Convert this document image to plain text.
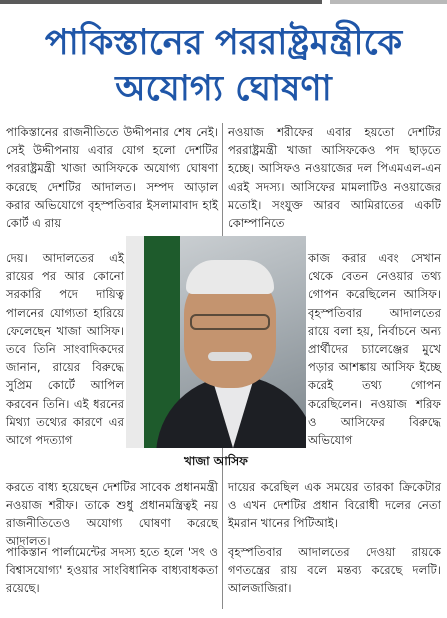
পাকিস্তানের পররাষ্ট্রমন্ত্রীকে
অযোগ্য ঘোষণা

পাকিস্তানের রাজনীতিতে উদ্দীপনার শেষ নেই। সেই উদ্দীপনায় এবার যোগ হলো দেশটির পররাষ্ট্রমন্ত্রী খাজা আসিফকে অযোগ্য ঘোষণা করেছে দেশটির আদালত। সম্পদ আড়াল করার অভিযোগে বৃহস্পতিবার ইসলামাবাদ হাই কোর্ট এ রায়

নওয়াজ শরীফের এবার হয়তো দেশটির পররাষ্ট্রমন্ত্রী খাজা আসিফকেও পদ ছাড়তে হচ্ছে। আসিফও নওয়াজের দল পিএমএল-এন এরই সদস্য। আসিফের মামলাটিও নওয়াজের মতোই। সংযুক্ত আরব আমিরাতের একটি কোম্পানিতে

দেয়। আদালতের এই রায়ের পর আর কোনো সরকারি পদে দায়িত্ব পালনের যোগ্যতা হারিয়ে ফেলেছেন খাজা আসিফ। তবে তিনি সাংবাদিকদের জানান, রায়ের বিরুদ্ধে সুপ্রিম কোর্টে আপিল করবেন তিনি। এই ধরনের মিথ্যা তথ্যের কারণে এর আগে পদত্যাগ

কাজ করার এবং সেখান থেকে বেতন নেওয়ার তথ্য গোপন করেছিলেন আসিফ। বৃহস্পতিবার আদালতের রায়ে বলা হয়, নির্বাচনে অন্য প্রার্থীদের চ্যালেঞ্জের মুখে পড়ার আশঙ্কায় আসিফ ইচ্ছে করেই তথ্য গোপন করেছিলেন। নওয়াজ শরিফ ও আসিফের বিরুদ্ধে অভিযোগ

খাজা আসিফ

করতে বাধ্য হয়েছেন দেশটির সাবেক প্রধানমন্ত্রী নওয়াজ শরীফ। তাকে শুধু প্রধানমন্ত্রিত্বই নয় রাজনীতিতেও অযোগ্য ঘোষণা করেছে আদালত।

দায়ের করেছিল এক সময়ের তারকা ক্রিকেটার ও এখন দেশটির প্রধান বিরোধী দলের নেতা ইমরান খানের পিটিআই।

পাকিস্তান পার্লামেন্টের সদস্য হতে হলে 'সৎ ও বিশ্বাসযোগ্য' হওয়ার সাংবিধানিক বাধ্যবাধকতা রয়েছে।

বৃহস্পতিবার আদালতের দেওয়া রায়কে গণতন্ত্রের রায় বলে মন্তব্য করেছে দলটি। আলজাজিরা।
